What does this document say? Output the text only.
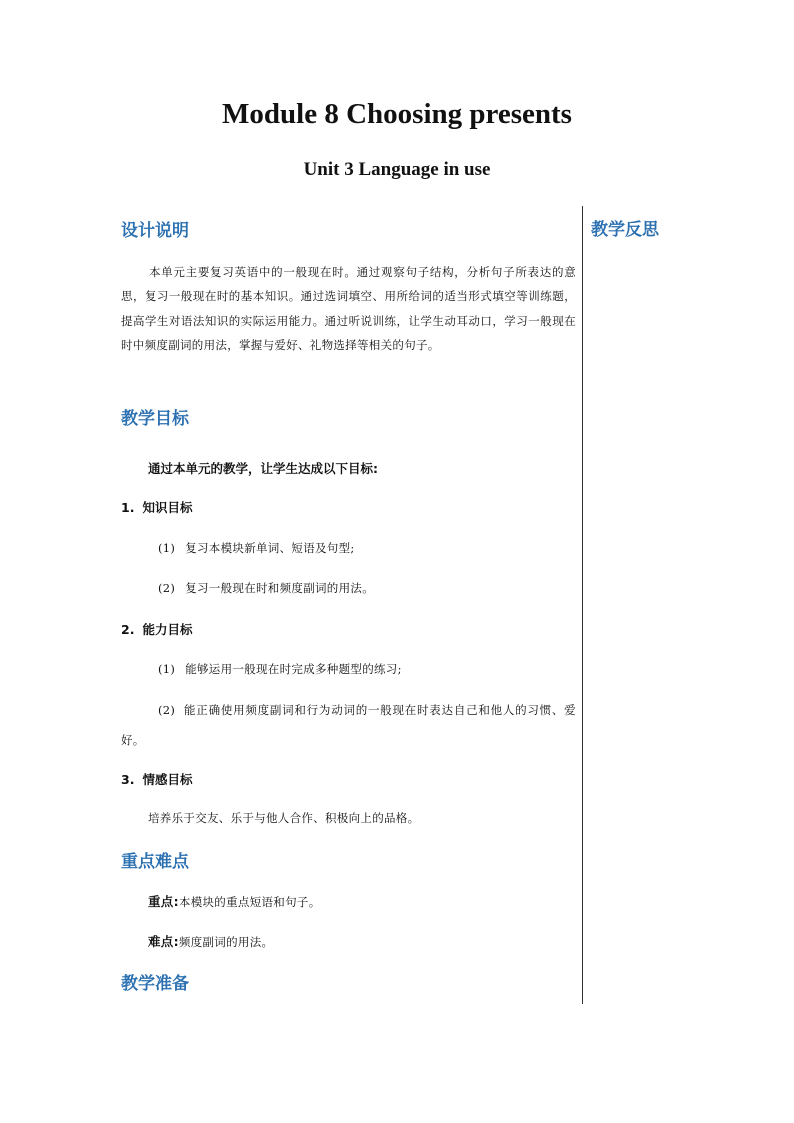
Module 8 Choosing presents
Unit 3 Language in use
教学反思
设计说明
本单元主要复习英语中的一般现在时。通过观察句子结构，分析句子所表达的意思，复习一般现在时的基本知识。通过选词填空、用所给词的适当形式填空等训练题，提高学生对语法知识的实际运用能力。通过听说训练，让学生动耳动口，学习一般现在时中频度副词的用法，掌握与爱好、礼物选择等相关的句子。
教学目标
通过本单元的教学，让学生达成以下目标:
1. 知识目标
(1) 复习本模块新单词、短语及句型;
(2) 复习一般现在时和频度副词的用法。
2. 能力目标
(1) 能够运用一般现在时完成多种题型的练习;
(2) 能正确使用频度副词和行为动词的一般现在时表达自己和他人的习惯、爱好。
3. 情感目标
培养乐于交友、乐于与他人合作、积极向上的品格。
重点难点
重点:本模块的重点短语和句子。
难点:频度副词的用法。
教学准备
